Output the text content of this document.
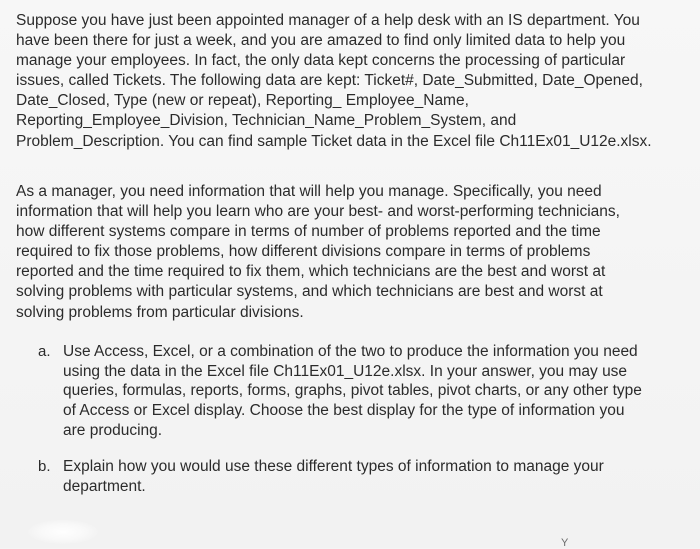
Suppose you have just been appointed manager of a help desk with an IS department. You
have been there for just a week, and you are amazed to find only limited data to help you
manage your employees. In fact, the only data kept concerns the processing of particular
issues, called Tickets. The following data are kept: Ticket#, Date_Submitted, Date_Opened,
Date_Closed, Type (new or repeat), Reporting_ Employee_Name,
Reporting_Employee_Division, Technician_Name_Problem_System, and
Problem_Description. You can find sample Ticket data in the Excel file Ch11Ex01_U12e.xlsx.

As a manager, you need information that will help you manage. Specifically, you need
information that will help you learn who are your best- and worst-performing technicians,
how different systems compare in terms of number of problems reported and the time
required to fix those problems, how different divisions compare in terms of problems
reported and the time required to fix them, which technicians are the best and worst at
solving problems with particular systems, and which technicians are best and worst at
solving problems from particular divisions.

a. Use Access, Excel, or a combination of the two to produce the information you need
using the data in the Excel file Ch11Ex01_U12e.xlsx. In your answer, you may use
queries, formulas, reports, forms, graphs, pivot tables, pivot charts, or any other type
of Access or Excel display. Choose the best display for the type of information you
are producing.
b. Explain how you would use these different types of information to manage your
department.
Y
